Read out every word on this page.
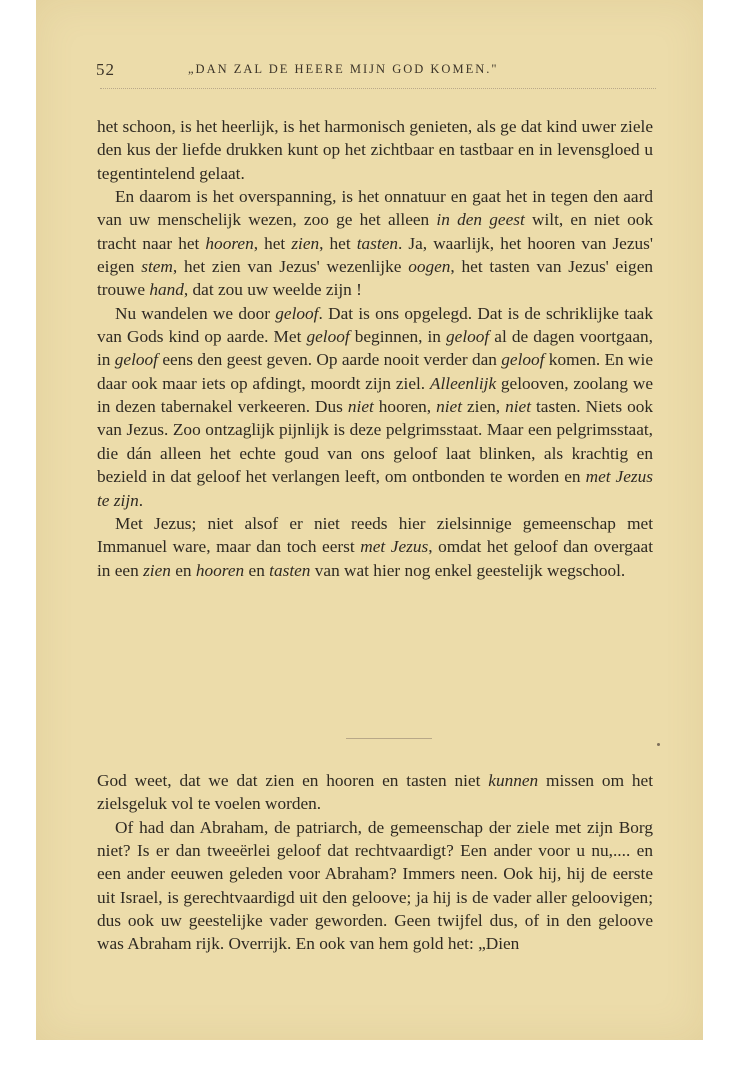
52	„DAN ZAL DE HEERE MIJN GOD KOMEN."

het schoon, is het heerlijk, is het harmonisch genieten, als ge dat kind uwer ziele den kus der liefde drukken kunt op het zichtbaar en tastbaar en in levensgloed u tegentintelend gelaat.

En daarom is het overspanning, is het onnatuur en gaat het in tegen den aard van uw menschelijk wezen, zoo ge het alleen in den geest wilt, en niet ook tracht naar het hooren, het zien, het tasten. Ja, waarlijk, het hooren van Jezus' eigen stem, het zien van Jezus' wezenlijke oogen, het tasten van Jezus' eigen trouwe hand, dat zou uw weelde zijn !

Nu wandelen we door geloof. Dat is ons opgelegd. Dat is de schriklijke taak van Gods kind op aarde. Met geloof beginnen, in geloof al de dagen voortgaan, in geloof eens den geest geven. Op aarde nooit verder dan geloof komen. En wie daar ook maar iets op afdingt, moordt zijn ziel. Alleenlijk gelooven, zoolang we in dezen tabernakel verkeeren. Dus niet hooren, niet zien, niet tasten. Niets ook van Jezus. Zoo ontzaglijk pijnlijk is deze pelgrimsstaat. Maar een pelgrimsstaat, die dán alleen het echte goud van ons geloof laat blinken, als krachtig en bezield in dat geloof het verlangen leeft, om ontbonden te worden en met Jezus te zijn.

Met Jezus; niet alsof er niet reeds hier zielsinnige gemeenschap met Immanuel ware, maar dan toch eerst met Jezus, omdat het geloof dan overgaat in een zien en hooren en tasten van wat hier nog enkel geestelijk wegschool.

God weet, dat we dat zien en hooren en tasten niet kunnen missen om het zielsgeluk vol te voelen worden.

Of had dan Abraham, de patriarch, de gemeenschap der ziele met zijn Borg niet? Is er dan tweeërlei geloof dat rechtvaardigt? Een ander voor u nu,.... en een ander eeuwen geleden voor Abraham? Immers neen. Ook hij, hij de eerste uit Israel, is gerechtvaardigd uit den geloove; ja hij is de vader aller geloovigen; dus ook uw geestelijke vader geworden. Geen twijfel dus, of in den geloove was Abraham rijk. Overrijk. En ook van hem gold het: „Dien
